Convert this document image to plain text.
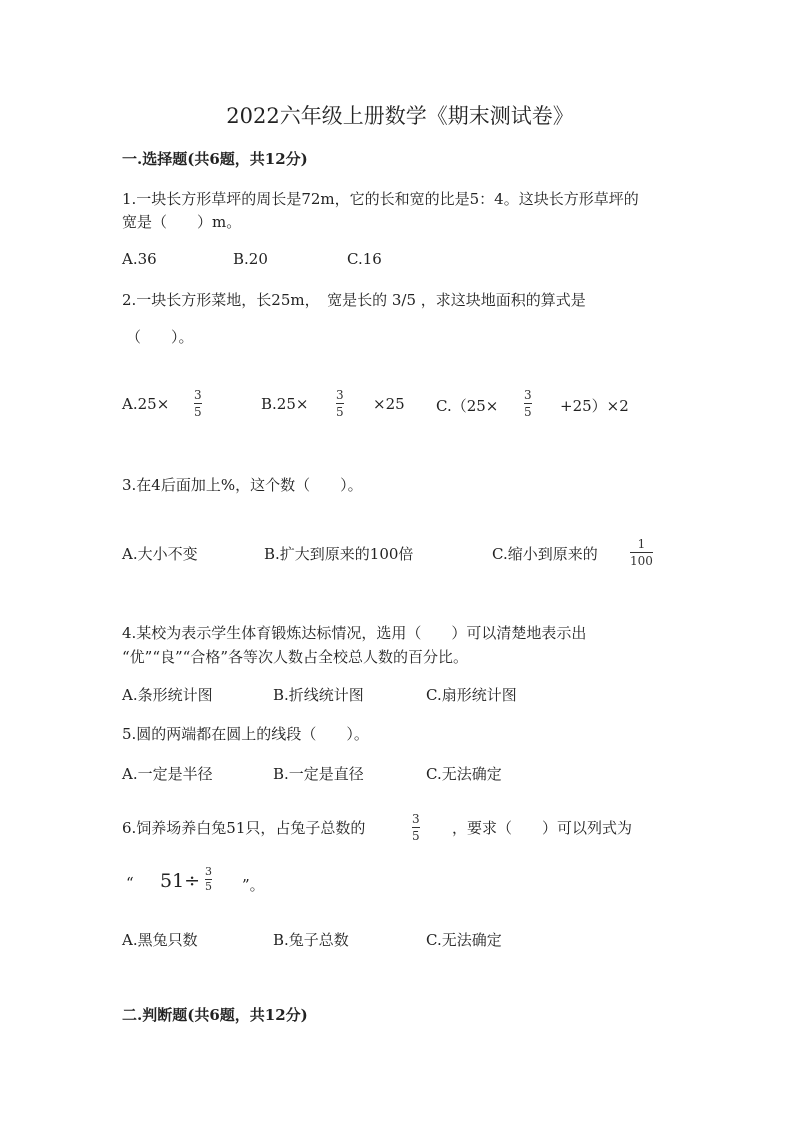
2022六年级上册数学《期末测试卷》
一.选择题(共6题，共12分)
1.一块长方形草坪的周长是72m，它的长和宽的比是5：4。这块长方形草坪的
宽是（　　）m。
A.36	B.20	C.16
2.一块长方形菜地，长25m，　宽是长的 3/5 ，求这块地面积的算式是
（　　）。
A.25× 3
5	B.25× 3
5 ×25 C.（25×
3
5 +25）×2
3.在4后面加上%，这个数（　　）。
A.大小不变	B.扩大到原来的100倍	C.缩小到原来的
1
100
4.某校为表示学生体育锻炼达标情况，选用（　　）可以清楚地表示出
“优”“良”“合格”各等次人数占全校总人数的百分比。
A.条形统计图	B.折线统计图	C.扇形统计图
5.圆的两端都在圆上的线段（　　）。
A.一定是半径	B.一定是直径	C.无法确定
6.饲养场养白兔51只，占兔子总数的	3
5 ，要求（　　）可以列式为
“ 51÷ 3
5 ”。
A.黑兔只数	B.兔子总数	C.无法确定
二.判断题(共6题，共12分)
